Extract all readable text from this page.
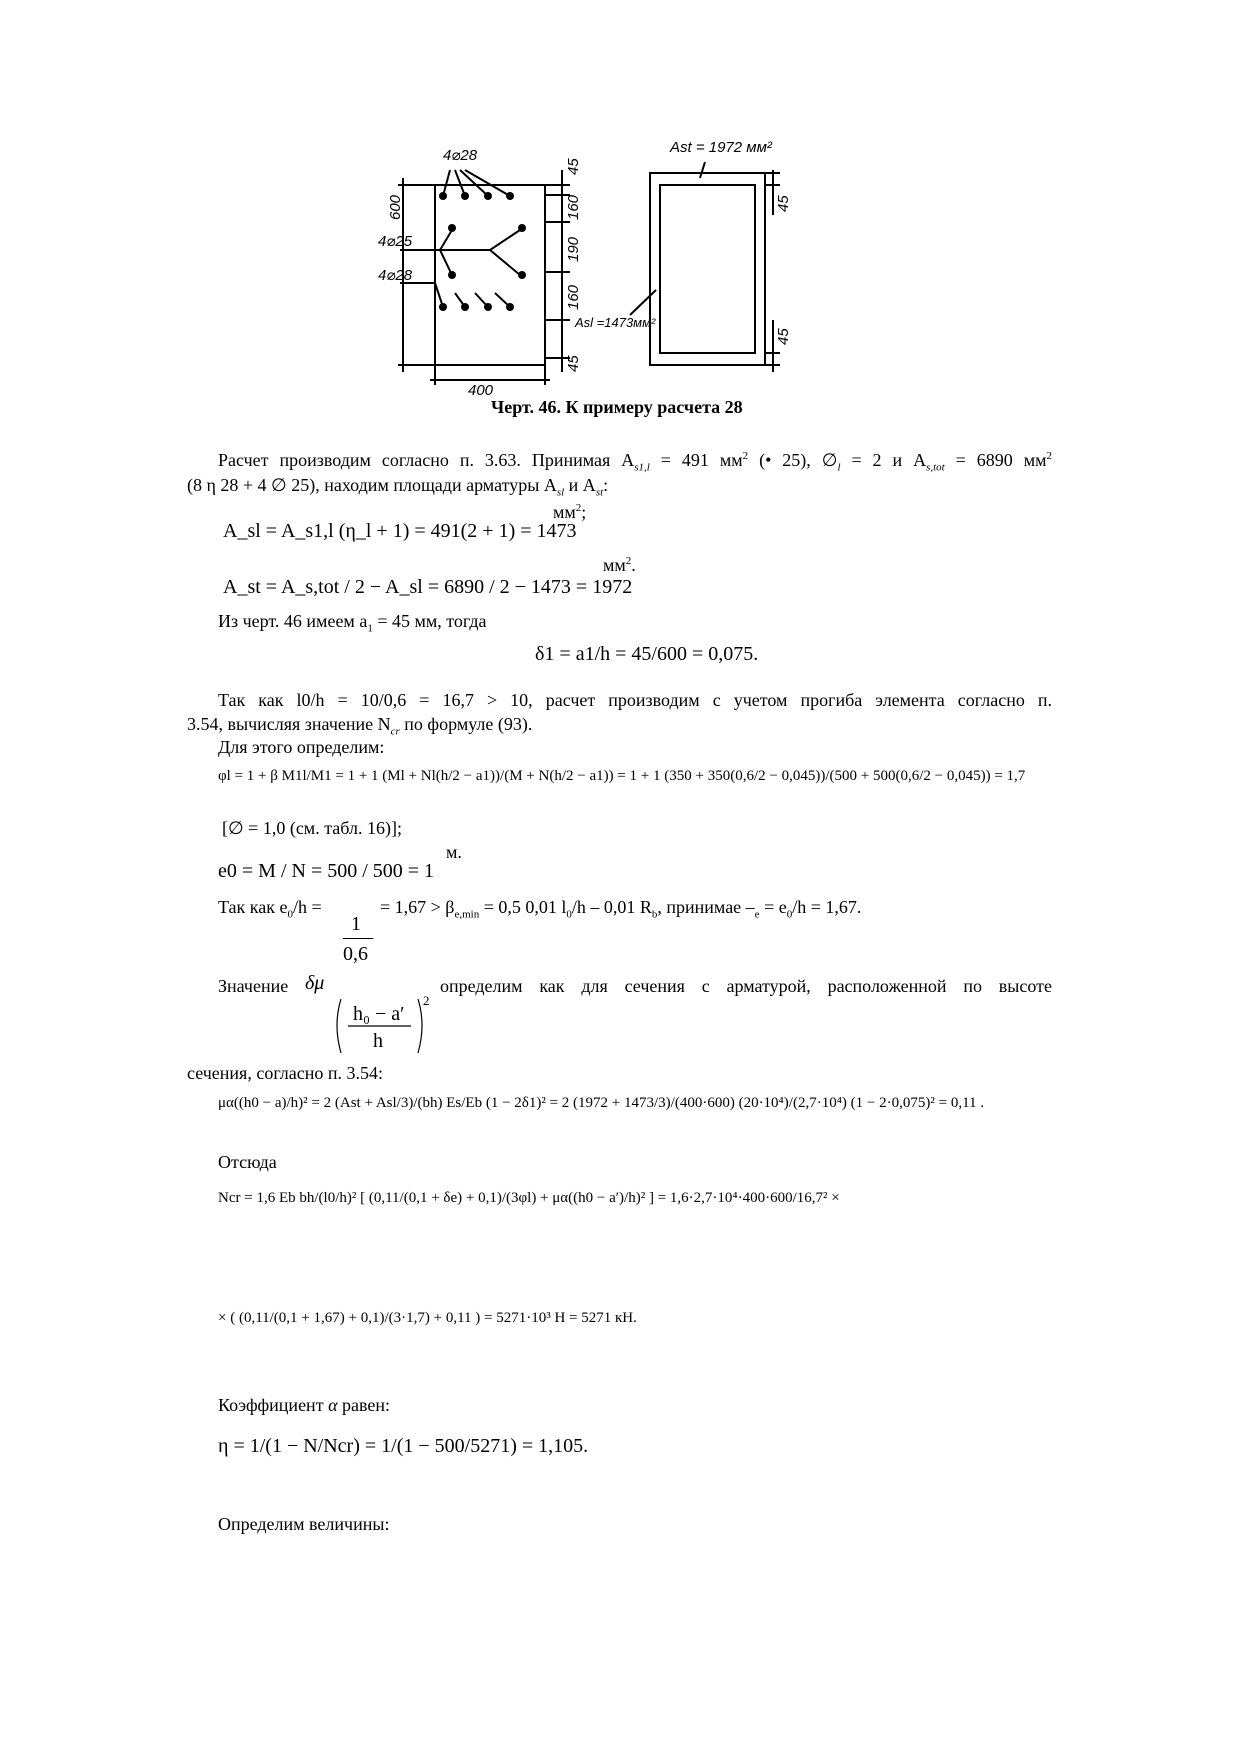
4⌀28
4⌀25
4⌀28
600
400
45
160
190
160
45
Ast = 1972 мм²
Asl =1473мм²
45
45
Черт. 46. К примеру расчета 28
Расчет производим согласно п. 3.63. Принимая $A_{s1,l} = 491$ $мм^2$ (• 25), $\emptyset_l = 2$ и $A_{s,tot} = 6890$ $мм^2$
(8 η 28 + 4 ∅ 25), находим площади арматуры $A_{sl}$ и $A_{st}$:
$мм^2$;
A_sl = A_s1,l (η_l + 1) = 491(2 + 1) = 1473
$мм^2$.
A_st = A_s,tot / 2 − A_sl = 6890 / 2 − 1473 = 1972
Из черт. 46 имеем $a_1 = 45$ мм, тогда
δ1 = a1/h = 45/600 = 0,075.
Так как l0/h = 10/0,6 = 16,7 > 10, расчет производим с учетом прогиба элемента согласно п.
3.54, вычисляя значение $N_{cr}$ по формуле (93).
Для этого определим:
φl = 1 + β M1l/M1 = 1 + 1 (Ml + Nl(h/2 − a1))/(M + N(h/2 − a1)) = 1 + 1 (350 + 350(0,6/2 − 0,045))/(500 + 500(0,6/2 − 0,045)) = 1,7
[∅ = 1,0 (см. табл. 16)];
м.
e0 = M / N = 500 / 500 = 1
Так как $e_0/h$ =	= $1,67 > \beta_{e,min} = 0,5$ 0,01 $l_0/h - 0,01$ $R_b$, принимае $-_e = e_0/h = 1,67$.
1
0,6
Значение δμ	определим как для сечения с арматурой, расположенной по высоте
h₀ − a′
h
2
сечения, согласно п. 3.54:
μα((h0 − a)/h)² = 2 (Ast + Asl/3)/(bh) Es/Eb (1 − 2δ1)² = 2 (1972 + 1473/3)/(400·600) (20·10⁴)/(2,7·10⁴) (1 − 2·0,075)² = 0,11 .
Отсюда
Ncr = 1,6 Eb bh/(l0/h)² [ (0,11/(0,1 + δe) + 0,1)/(3φl) + μα((h0 − a′)/h)² ] = 1,6·2,7·10⁴·400·600/16,7² ×
× ( (0,11/(0,1 + 1,67) + 0,1)/(3·1,7) + 0,11 ) = 5271·10³ H = 5271 кН.
Коэффициент α равен:
η = 1/(1 − N/Ncr) = 1/(1 − 500/5271) = 1,105.
Определим величины:
